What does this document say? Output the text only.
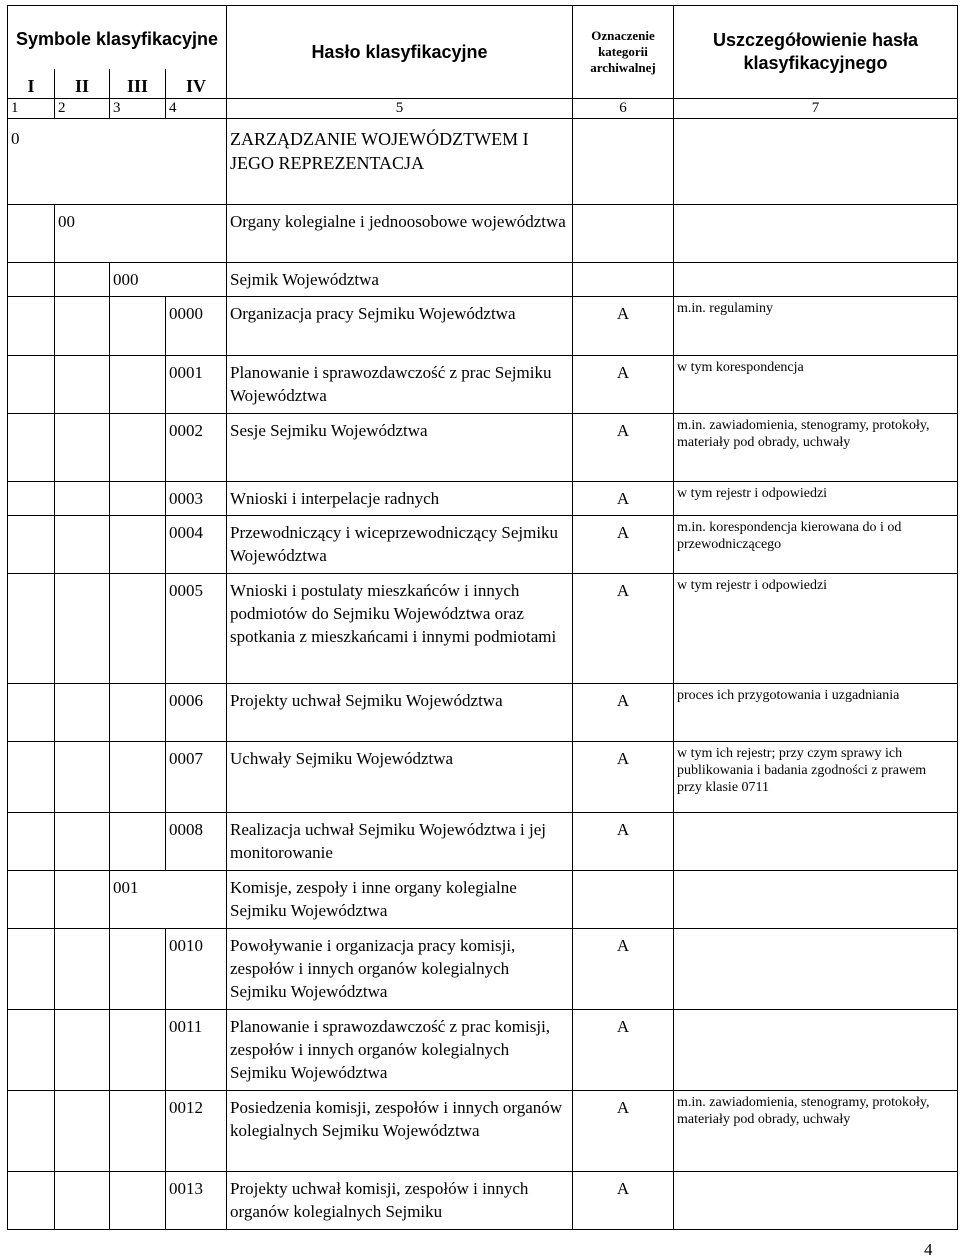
Symbole klasyfikacyjne				Hasło klasyfikacyjne	Oznaczenie kategorii archiwalnej	Uszczegółowienie hasła klasyfikacyjnego
I	II	III	IV			
1	2	3	4	5	6	7
0				ZARZĄDZANIE WOJEWÓDZTWEM I JEGO REPREZENTACJA		
	00			Organy kolegialne i jednoosobowe województwa		
		000		Sejmik Województwa		
			0000	Organizacja pracy Sejmiku Województwa	A	m.in. regulaminy
			0001	Planowanie i sprawozdawczość z prac Sejmiku Województwa	A	w tym korespondencja
			0002	Sesje Sejmiku Województwa	A	m.in. zawiadomienia, stenogramy, protokoły, materiały pod obrady, uchwały
			0003	Wnioski i interpelacje radnych	A	w tym rejestr i odpowiedzi
			0004	Przewodniczący i wiceprzewodniczący Sejmiku Województwa	A	m.in. korespondencja kierowana do i od przewodniczącego
			0005	Wnioski i postulaty mieszkańców i innych podmiotów do Sejmiku Województwa oraz spotkania z mieszkańcami i innymi podmiotami	A	w tym rejestr i odpowiedzi
			0006	Projekty uchwał Sejmiku Województwa	A	proces ich przygotowania i uzgadniania
			0007	Uchwały Sejmiku Województwa	A	w tym ich rejestr; przy czym sprawy ich publikowania i badania zgodności z prawem przy klasie 0711
			0008	Realizacja uchwał Sejmiku Województwa i jej monitorowanie	A	
		001		Komisje, zespoły i inne organy kolegialne Sejmiku Województwa		
			0010	Powoływanie i organizacja pracy komisji, zespołów i innych organów kolegialnych Sejmiku Województwa	A	
			0011	Planowanie i sprawozdawczość z prac komisji, zespołów i innych organów kolegialnych Sejmiku Województwa	A	
			0012	Posiedzenia komisji, zespołów i innych organów kolegialnych Sejmiku Województwa	A	m.in. zawiadomienia, stenogramy, protokoły, materiały pod obrady, uchwały
			0013	Projekty uchwał komisji, zespołów i innych organów kolegialnych Sejmiku	A	
4
